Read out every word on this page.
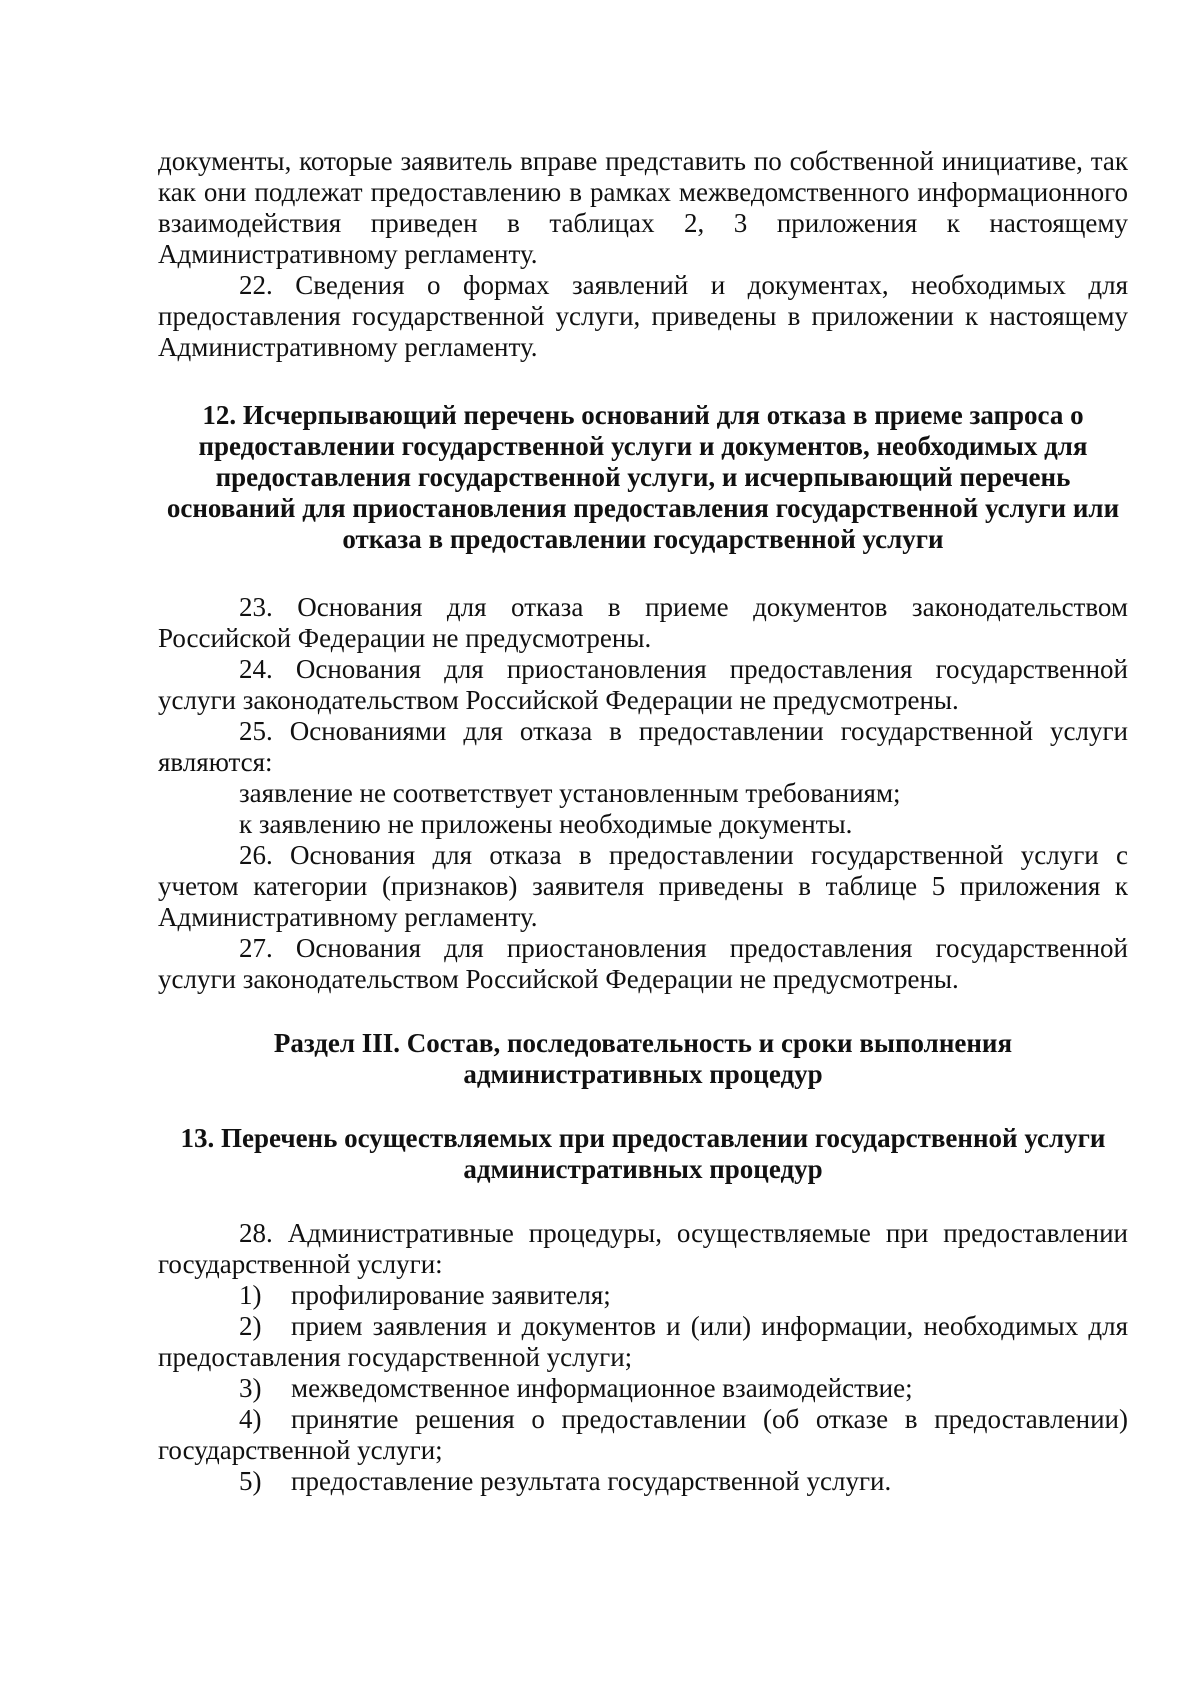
документы, которые заявитель вправе представить по собственной инициативе, так как они подлежат предоставлению в рамках межведомственного информационного взаимодействия приведен в таблицах 2, 3 приложения к настоящему Административному регламенту.

22. Сведения о формах заявлений и документах, необходимых для предоставления государственной услуги, приведены в приложении к настоящему Административному регламенту.

12. Исчерпывающий перечень оснований для отказа в приеме запроса о предоставлении государственной услуги и документов, необходимых для предоставления государственной услуги, и исчерпывающий перечень оснований для приостановления предоставления государственной услуги или отказа в предоставлении государственной услуги

23. Основания для отказа в приеме документов законодательством Российской Федерации не предусмотрены.

24. Основания для приостановления предоставления государственной услуги законодательством Российской Федерации не предусмотрены.

25. Основаниями для отказа в предоставлении государственной услуги являются:

заявление не соответствует установленным требованиям;

к заявлению не приложены необходимые документы.

26. Основания для отказа в предоставлении государственной услуги с учетом категории (признаков) заявителя приведены в таблице 5 приложения к Административному регламенту.

27. Основания для приостановления предоставления государственной услуги законодательством Российской Федерации не предусмотрены.

Раздел III. Состав, последовательность и сроки выполнения административных процедур

13. Перечень осуществляемых при предоставлении государственной услуги административных процедур

28. Административные процедуры, осуществляемые при предоставлении государственной услуги:

1) профилирование заявителя;

2) прием заявления и документов и (или) информации, необходимых для предоставления государственной услуги;

3) межведомственное информационное взаимодействие;

4) принятие решения о предоставлении (об отказе в предоставлении) государственной услуги;

5) предоставление результата государственной услуги.
